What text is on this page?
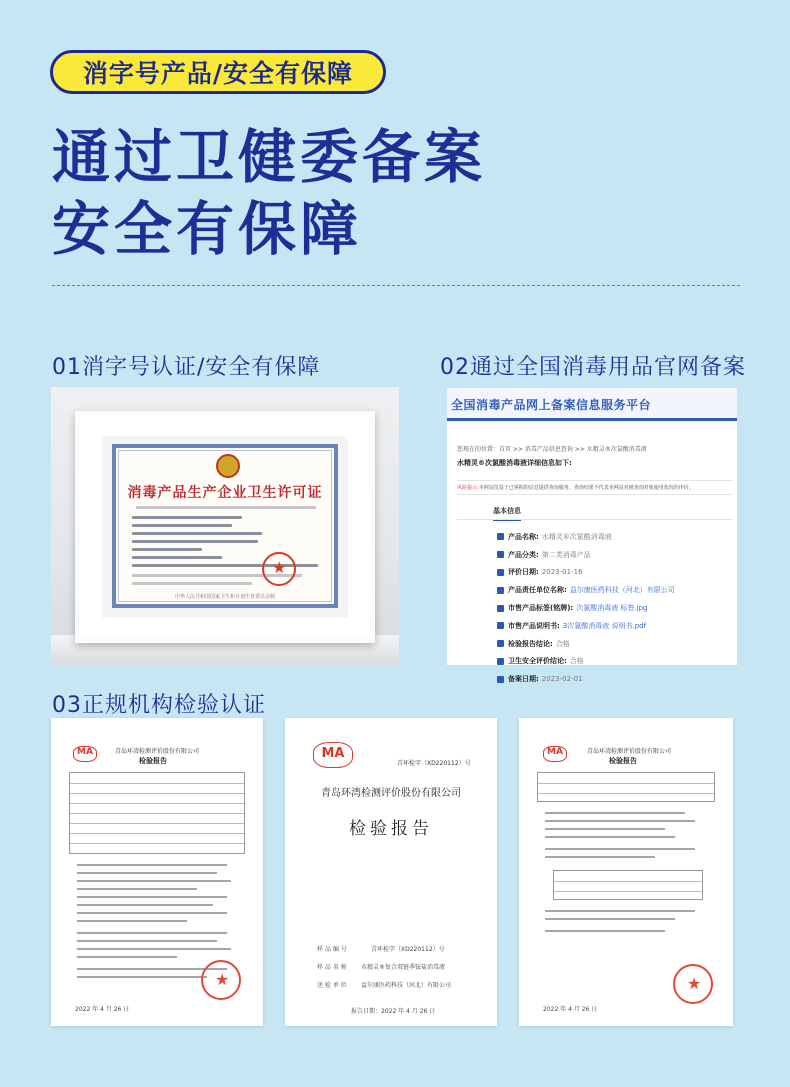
消字号产品/安全有保障
通过卫健委备案
安全有保障
01消字号认证/安全有保障	02通过全国消毒用品官网备案
消毒产品生产企业卫生许可证
★
中华人民共和国国家卫生和计划生育委员会制
全国消毒产品网上备案信息服务平台
您现在的位置：首页 >> 消毒产品信息查询 >> 水精灵®次氯酸消毒液
水精灵®次氯酸消毒液详细信息如下:
风险提示:本网站仅基于已掌握的信息提供查询服务，查询结果不代表本网站对被查询对象使用状况的评价。
基本信息
产品名称: 水精灵®次氯酸消毒液
产品分类: 第二类消毒产品
评价日期: 2023-01-16
产品责任单位名称: 益尔康医药科技（河北）有限公司
市售产品标签(铭牌): 次氯酸消毒液 标签.jpg
市售产品说明书: 3次氯酸消毒液 说明书.pdf
检验报告结论: 合格
卫生安全评价结论: 合格
备案日期: 2023-02-01
03正规机构检验认证
MA	青岛环湾检测评价股份有限公司
检验报告
★
2022 年 4 月 26 日
MA
青环检字（XD220112）号
青岛环湾检测评价股份有限公司
检验报告
样 品 编 号	青环检字（XD220112）号
样 品 名 称 水精灵®复合双链季铵盐消毒液
送 检 单 位 益尔康医药科技（河北）有限公司
报告日期：2022 年 4 月 26 日
MA	青岛环湾检测评价股份有限公司
检验报告
★
2022 年 4 月 26 日
